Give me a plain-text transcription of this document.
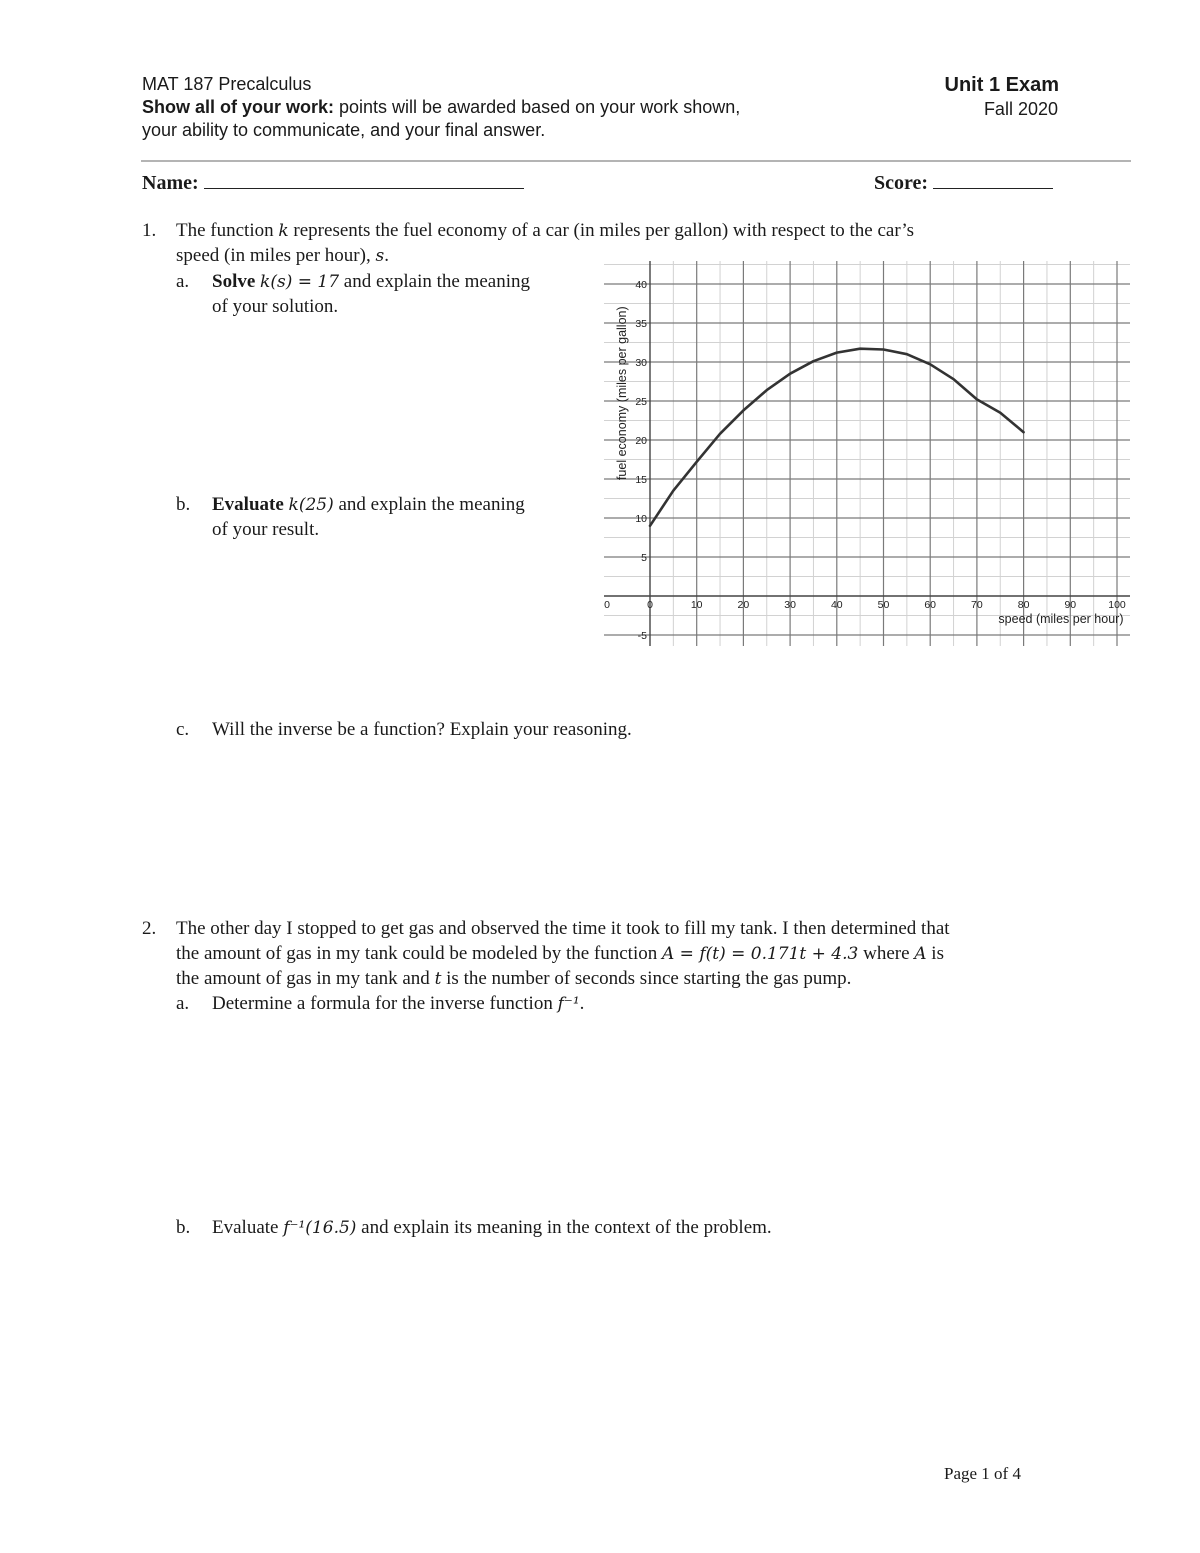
MAT 187 Precalculus
Show all of your work: points will be awarded based on your work shown,
your ability to communicate, and your final answer.
Unit 1 Exam
Fall 2020
Name:	Score:
1. The function k represents the fuel economy of a car (in miles per gallon) with respect to the car’s
speed (in miles per hour), s.
a. Solve k(s) = 17 and explain the meaning
of your solution.
b. Evaluate k(25) and explain the meaning
of your result.
c. Will the inverse be a function? Explain your reasoning.
0	10	20	30	40	50	60	70	80	90	100
0
-5
5
10
15
20
25
30
35
40
speed (miles per hour)
fuel economy (miles per gallon)
2. The other day I stopped to get gas and observed the time it took to fill my tank. I then determined that
the amount of gas in my tank could be modeled by the function A = f(t) = 0.171t + 4.3 where A is
the amount of gas in my tank and t is the number of seconds since starting the gas pump.
a. Determine a formula for the inverse function f⁻¹.
b. Evaluate f⁻¹(16.5) and explain its meaning in the context of the problem.
Page 1 of 4
